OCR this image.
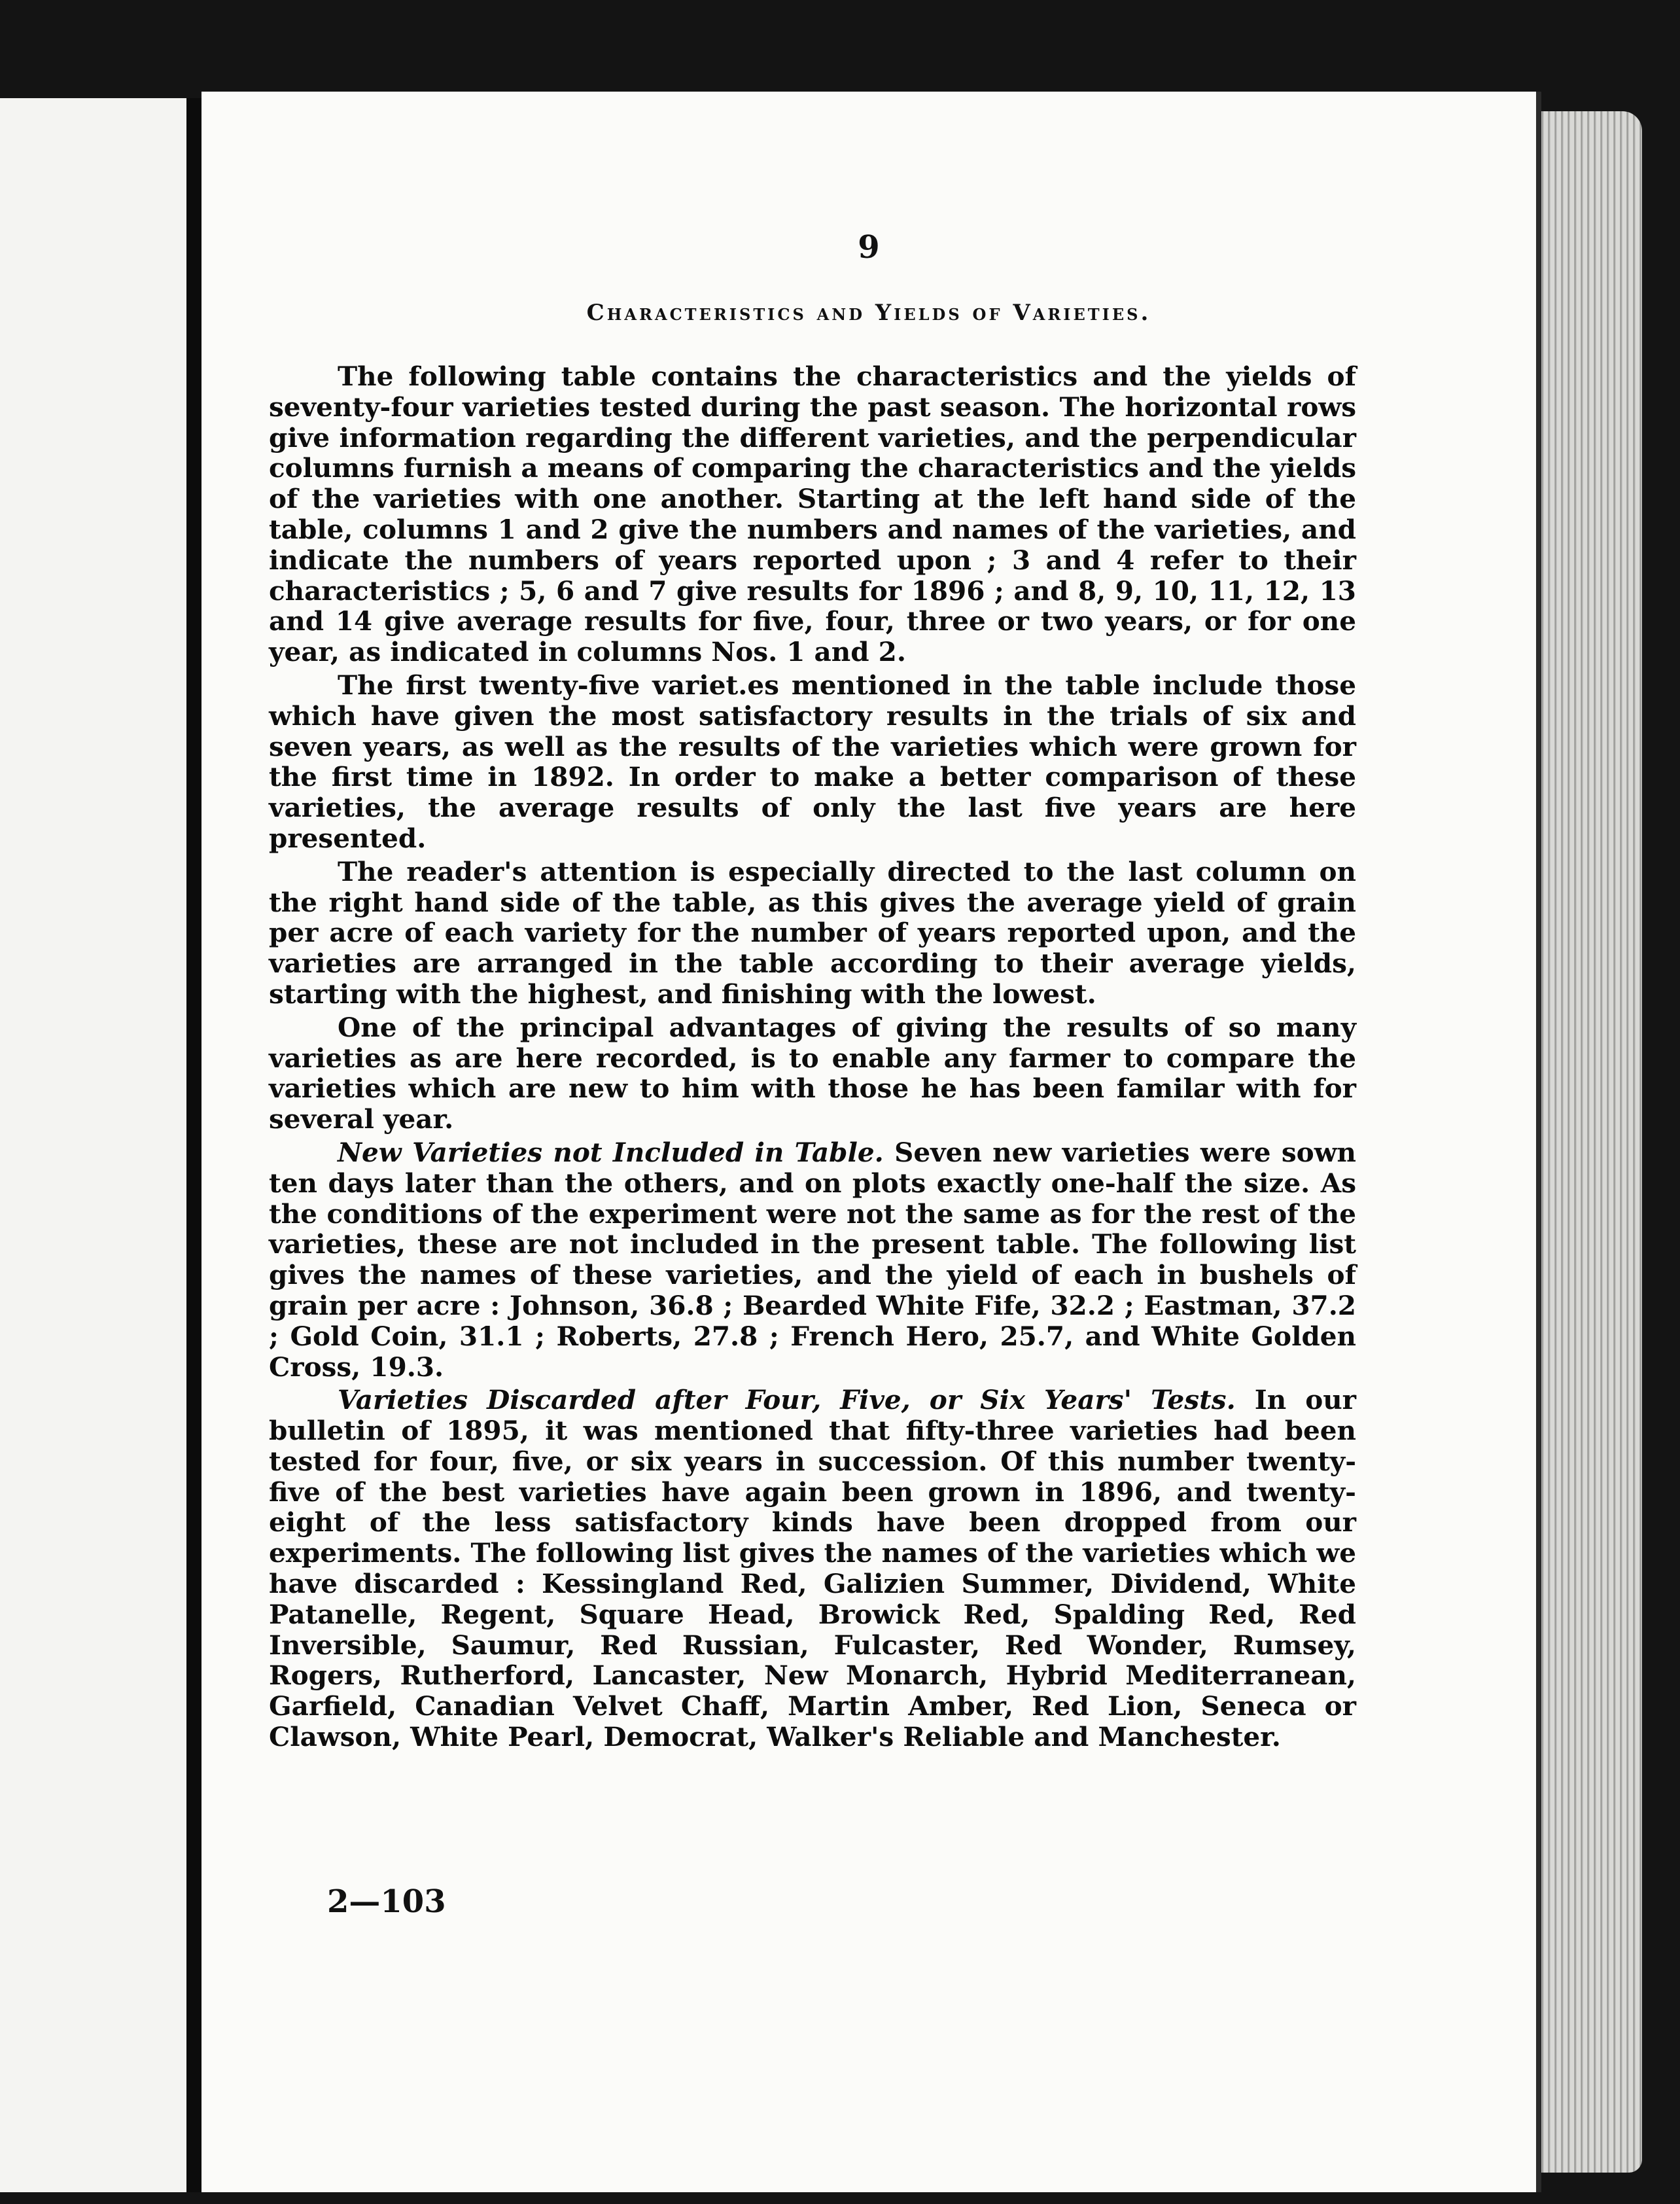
9
Characteristics and Yields of Varieties.

The following table contains the characteristics and the yields of seventy-four varieties tested during the past season. The horizontal rows give information regarding the different varieties, and the perpendicular columns furnish a means of comparing the characteristics and the yields of the varieties with one another. Starting at the left hand side of the table, columns 1 and 2 give the numbers and names of the varieties, and indicate the numbers of years reported upon ; 3 and 4 refer to their characteristics ; 5, 6 and 7 give results for 1896 ; and 8, 9, 10, 11, 12, 13 and 14 give average results for five, four, three or two years, or for one year, as indicated in columns Nos. 1 and 2.

The first twenty-five variet.es mentioned in the table include those which have given the most satisfactory results in the trials of six and seven years, as well as the results of the varieties which were grown for the first time in 1892. In order to make a better comparison of these varieties, the average results of only the last five years are here presented.

The reader's attention is especially directed to the last column on the right hand side of the table, as this gives the average yield of grain per acre of each variety for the number of years reported upon, and the varieties are arranged in the table according to their average yields, starting with the highest, and finishing with the lowest.

One of the principal advantages of giving the results of so many varieties as are here recorded, is to enable any farmer to compare the varieties which are new to him with those he has been familar with for several year.

New Varieties not Included in Table. Seven new varieties were sown ten days later than the others, and on plots exactly one-half the size. As the conditions of the experiment were not the same as for the rest of the varieties, these are not included in the present table. The following list gives the names of these varieties, and the yield of each in bushels of grain per acre : Johnson, 36.8 ; Bearded White Fife, 32.2 ; Eastman, 37.2 ; Gold Coin, 31.1 ; Roberts, 27.8 ; French Hero, 25.7, and White Golden Cross, 19.3.

Varieties Discarded after Four, Five, or Six Years' Tests. In our bulletin of 1895, it was mentioned that fifty-three varieties had been tested for four, five, or six years in succession. Of this number twenty-five of the best varieties have again been grown in 1896, and twenty-eight of the less satisfactory kinds have been dropped from our experiments. The following list gives the names of the varieties which we have discarded : Kessingland Red, Galizien Summer, Dividend, White Patanelle, Regent, Square Head, Browick Red, Spalding Red, Red Inversible, Saumur, Red Russian, Fulcaster, Red Wonder, Rumsey, Rogers, Rutherford, Lancaster, New Monarch, Hybrid Mediterranean, Garfield, Canadian Velvet Chaff, Martin Amber, Red Lion, Seneca or Clawson, White Pearl, Democrat, Walker's Reliable and Manchester.

2—103
